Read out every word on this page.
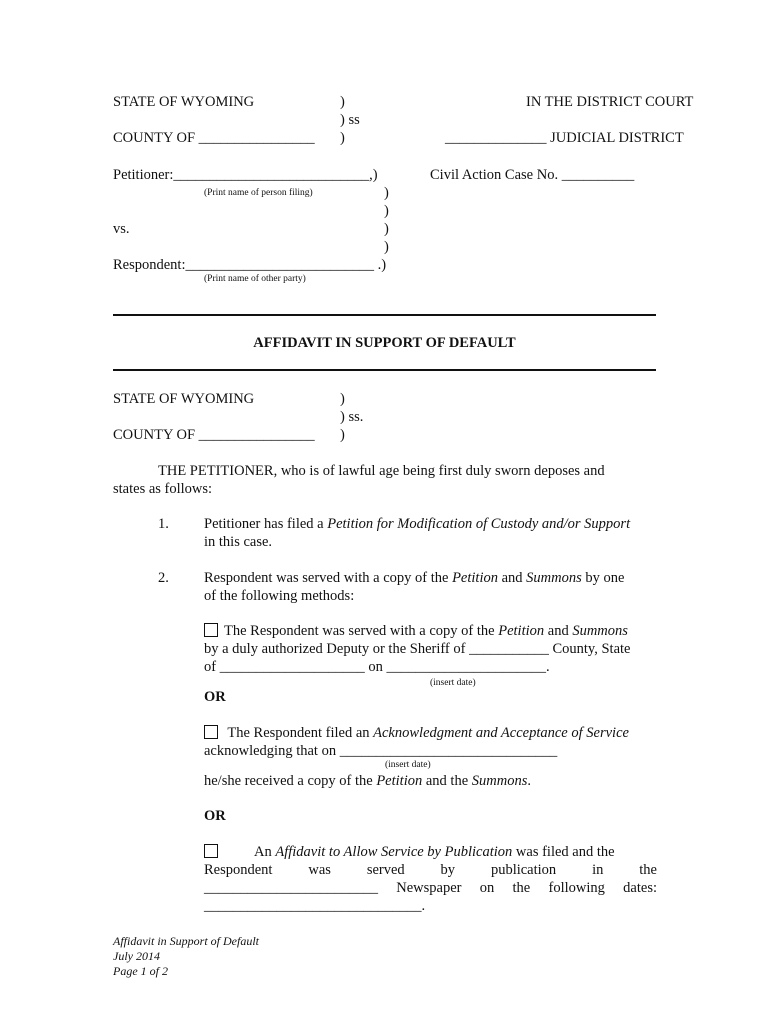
STATE OF WYOMING	)	IN THE DISTRICT COURT
) ss
COUNTY OF ________________ )	______________ JUDICIAL DISTRICT
Petitioner:___________________________,)	Civil Action Case No. __________
(Print name of person filing)	)
)
vs.	)
)
Respondent:__________________________ .)
(Print name of other party)
AFFIDAVIT IN SUPPORT OF DEFAULT
STATE OF WYOMING	)
) ss.
COUNTY OF ________________ )
THE PETITIONER, who is of lawful age being first duly sworn deposes and
states as follows:
1. Petitioner has filed a Petition for Modification of Custody and/or Support
in this case.
2. Respondent was served with a copy of the Petition and Summons by one
of the following methods:
The Respondent was served with a copy of the Petition and Summons
by a duly authorized Deputy or the Sheriff of ___________ County, State
of ____________________ on ______________________.
(insert date)
OR
The Respondent filed an Acknowledgment and Acceptance of Service
acknowledging that on ______________________________
(insert date)
he/she received a copy of the Petition and the Summons.
OR
An Affidavit to Allow Service by Publication was filed and the
Respondent was served by publication in the
________________________ Newspaper on the following dates:
______________________________.
Affidavit in Support of Default
July 2014
Page 1 of 2
